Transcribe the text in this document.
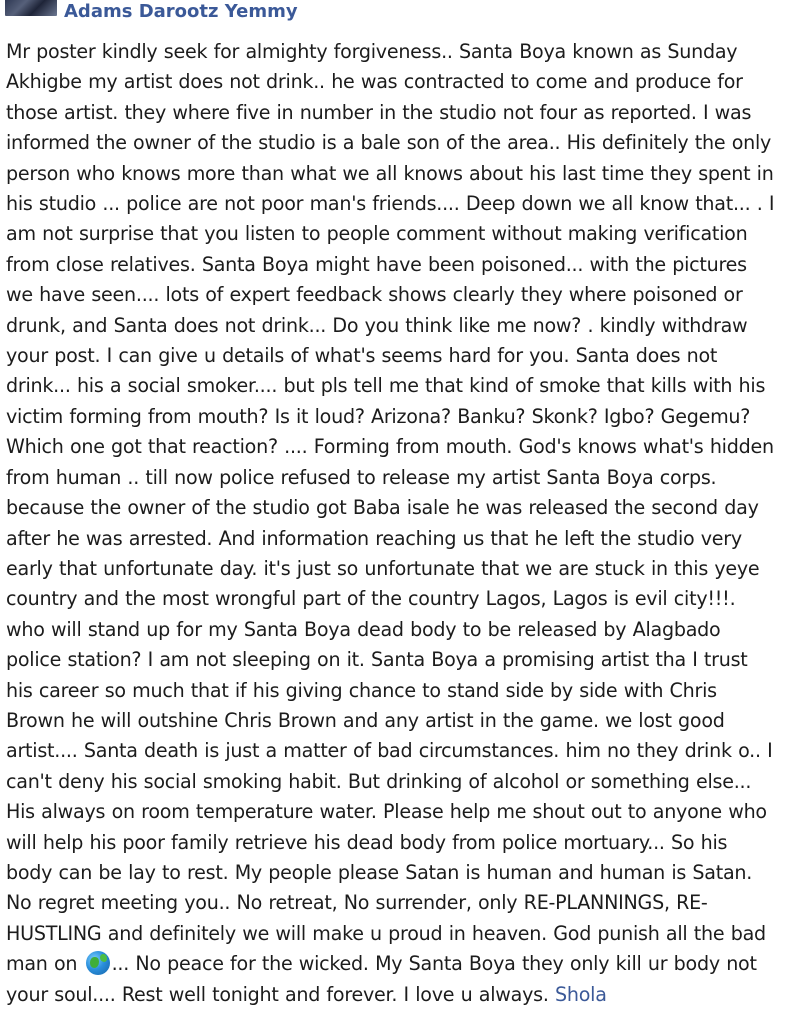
Adams Darootz Yemmy
Mr poster kindly seek for almighty forgiveness.. Santa Boya known as Sunday Akhigbe my artist does not drink.. he was contracted to come and produce for those artist. they where five in number in the studio not four as reported. I was informed the owner of the studio is a bale son of the area.. His definitely the only person who knows more than what we all knows about his last time they spent in his studio ... police are not poor man's friends.... Deep down we all know that... . I am not surprise that you listen to people comment without making verification from close relatives. Santa Boya might have been poisoned... with the pictures we have seen.... lots of expert feedback shows clearly they where poisoned or drunk, and Santa does not drink... Do you think like me now? . kindly withdraw your post. I can give u details of what's seems hard for you. Santa does not drink... his a social smoker.... but pls tell me that kind of smoke that kills with his victim forming from mouth? Is it loud? Arizona? Banku? Skonk? Igbo? Gegemu? Which one got that reaction? .... Forming from mouth. God's knows what's hidden from human .. till now police refused to release my artist Santa Boya corps. because the owner of the studio got Baba isale he was released the second day after he was arrested. And information reaching us that he left the studio very early that unfortunate day. it's just so unfortunate that we are stuck in this yeye country and the most wrongful part of the country Lagos, Lagos is evil city!!!. who will stand up for my Santa Boya dead body to be released by Alagbado police station? I am not sleeping on it. Santa Boya a promising artist tha I trust his career so much that if his giving chance to stand side by side with Chris Brown he will outshine Chris Brown and any artist in the game. we lost good artist.... Santa death is just a matter of bad circumstances. him no they drink o.. I can't deny his social smoking habit. But drinking of alcohol or something else... His always on room temperature water. Please help me shout out to anyone who will help his poor family retrieve his dead body from police mortuary... So his body can be lay to rest. My people please Satan is human and human is Satan. No regret meeting you.. No retreat, No surrender, only RE-PLANNINGS, RE-HUSTLING and definitely we will make u proud in heaven. God punish all the bad man on ... No peace for the wicked. My Santa Boya they only kill ur body not your soul.... Rest well tonight and forever. I love u always. Shola
